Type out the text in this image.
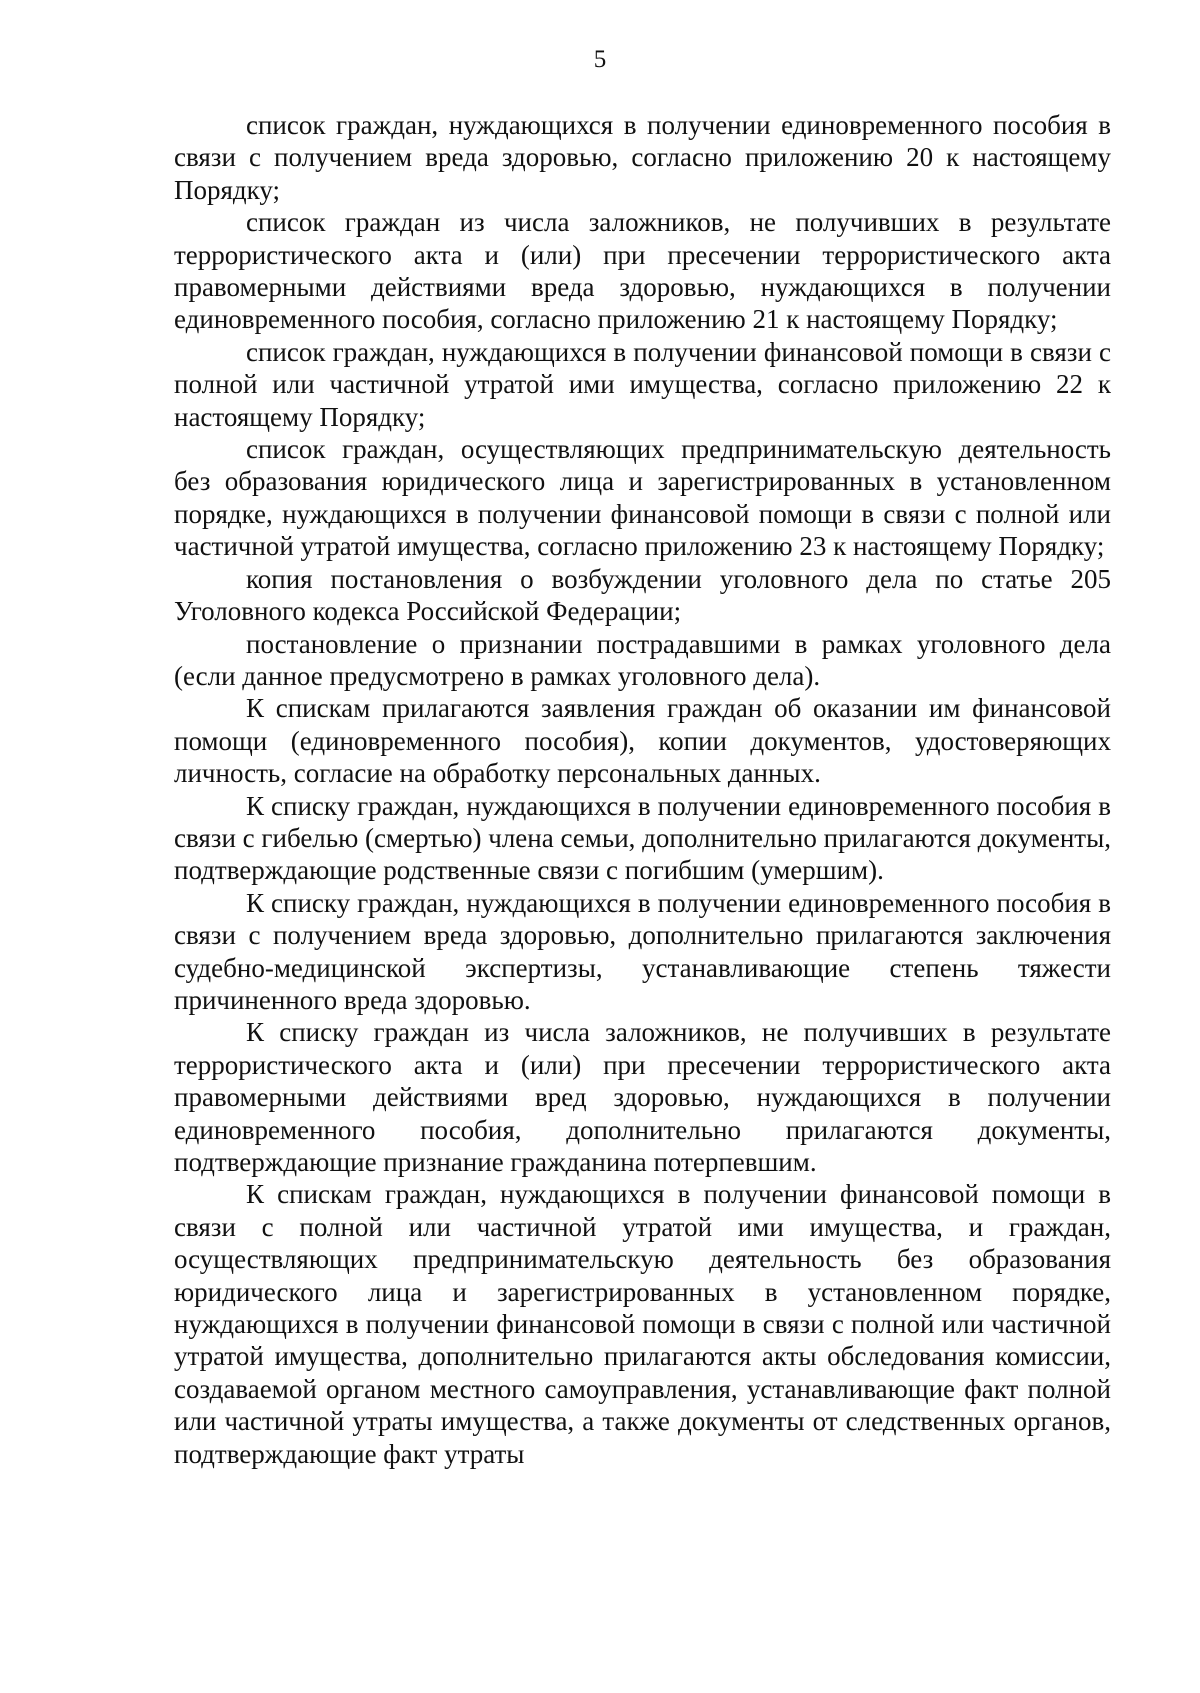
5

список граждан, нуждающихся в получении единовременного пособия в связи с получением вреда здоровью, согласно приложению 20 к настоящему Порядку;

список граждан из числа заложников, не получивших в результате террористического акта и (или) при пресечении террористического акта правомерными действиями вреда здоровью, нуждающихся в получении единовременного пособия, согласно приложению 21 к настоящему Порядку;

список граждан, нуждающихся в получении финансовой помощи в связи с полной или частичной утратой ими имущества, согласно приложению 22 к настоящему Порядку;

список граждан, осуществляющих предпринимательскую деятельность без образования юридического лица и зарегистрированных в установленном порядке, нуждающихся в получении финансовой помощи в связи с полной или частичной утратой имущества, согласно приложению 23 к настоящему Порядку;

копия постановления о возбуждении уголовного дела по статье 205 Уголовного кодекса Российской Федерации;

постановление о признании пострадавшими в рамках уголовного дела (если данное предусмотрено в рамках уголовного дела).

К спискам прилагаются заявления граждан об оказании им финансовой помощи (единовременного пособия), копии документов, удостоверяющих личность, согласие на обработку персональных данных.

К списку граждан, нуждающихся в получении единовременного пособия в связи с гибелью (смертью) члена семьи, дополнительно прилагаются документы, подтверждающие родственные связи с погибшим (умершим).

К списку граждан, нуждающихся в получении единовременного пособия в связи с получением вреда здоровью, дополнительно прилагаются заключения судебно-медицинской экспертизы, устанавливающие степень тяжести причиненного вреда здоровью.

К списку граждан из числа заложников, не получивших в результате террористического акта и (или) при пресечении террористического акта правомерными действиями вред здоровью, нуждающихся в получении единовременного пособия, дополнительно прилагаются документы, подтверждающие признание гражданина потерпевшим.

К спискам граждан, нуждающихся в получении финансовой помощи в связи с полной или частичной утратой ими имущества, и граждан, осуществляющих предпринимательскую деятельность без образования юридического лица и зарегистрированных в установленном порядке, нуждающихся в получении финансовой помощи в связи с полной или частичной утратой имущества, дополнительно прилагаются акты обследования комиссии, создаваемой органом местного самоуправления, устанавливающие факт полной или частичной утраты имущества, а также документы от следственных органов, подтверждающие факт утраты
